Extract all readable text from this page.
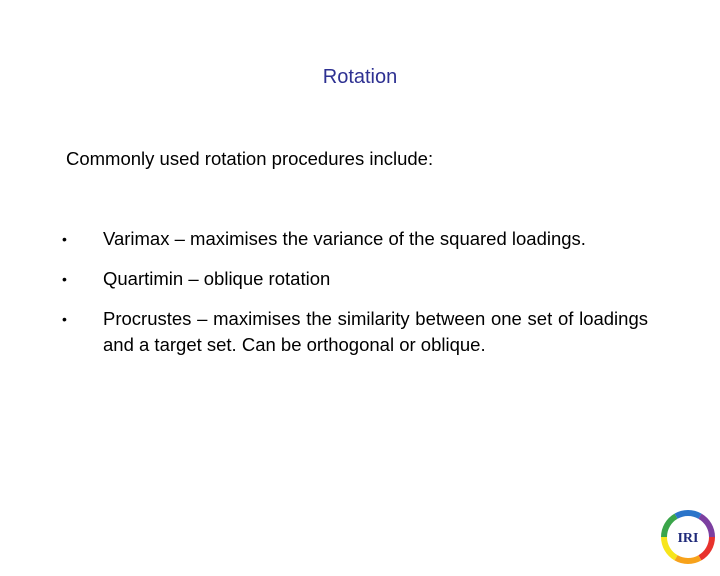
Rotation
Commonly used rotation procedures include:
•	Varimax – maximises the variance of the squared loadings.
•	Quartimin – oblique rotation
•	Procrustes – maximises the similarity between one set of loadings and a target set. Can be orthogonal or oblique.
IRI
